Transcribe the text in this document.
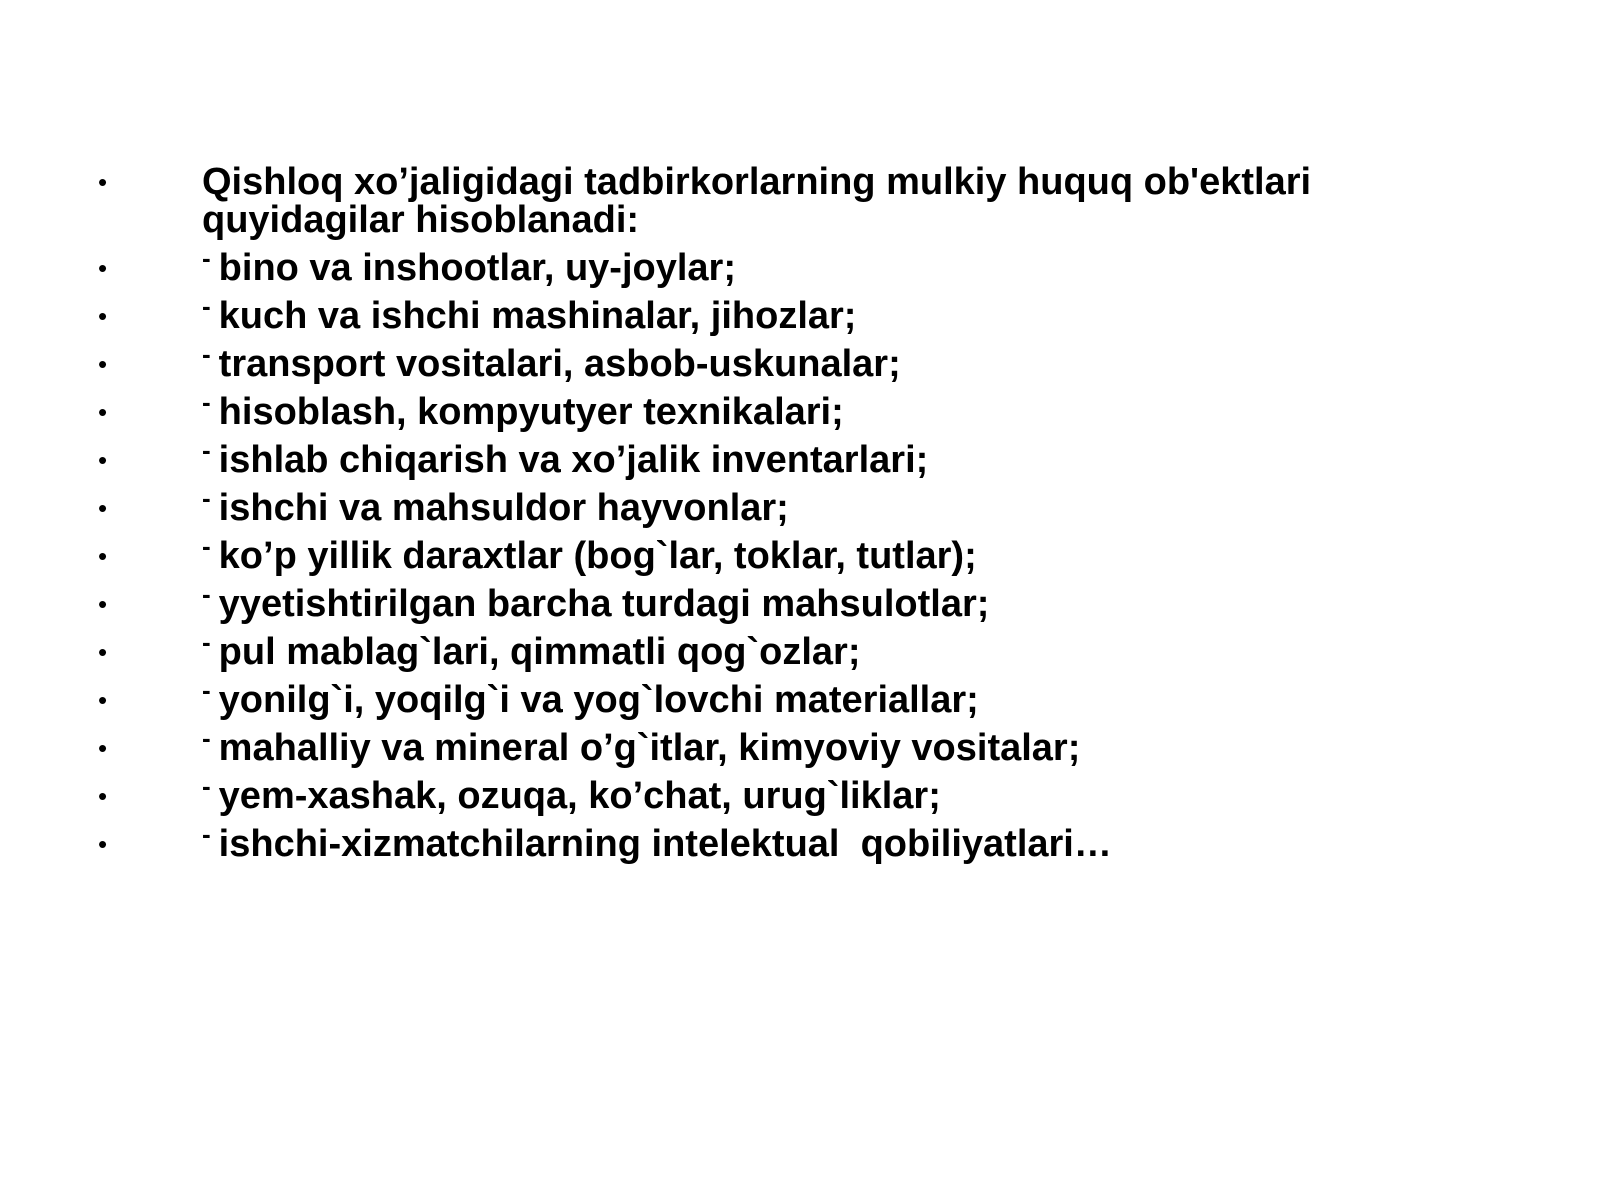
•	Qishloq xo’jaligidagi tadbirkorlarning mulkiy huquq ob'ektlari quyidagilar hisoblanadi:
•	- bino va inshootlar, uy-joylar;
•	- kuch va ishchi mashinalar, jihozlar;
•	- transport vositalari, asbob-uskunalar;
•	- hisoblash, kompyutyer texnikalari;
•	- ishlab chiqarish va xo’jalik inventarlari;
•	- ishchi va mahsuldor hayvonlar;
•	- ko’p yillik daraxtlar (bog`lar, toklar, tutlar);
•	- yyetishtirilgan barcha turdagi mahsulotlar;
•	- pul mablag`lari, qimmatli qog`ozlar;
•	- yonilg`i, yoqilg`i va yog`lovchi materiallar;
•	- mahalliy va mineral o’g`itlar, kimyoviy vositalar;
•	- yem-xashak, ozuqa, ko’chat, urug`liklar;
•	- ishchi-xizmatchilarning intelektual  qobiliyatlari…
